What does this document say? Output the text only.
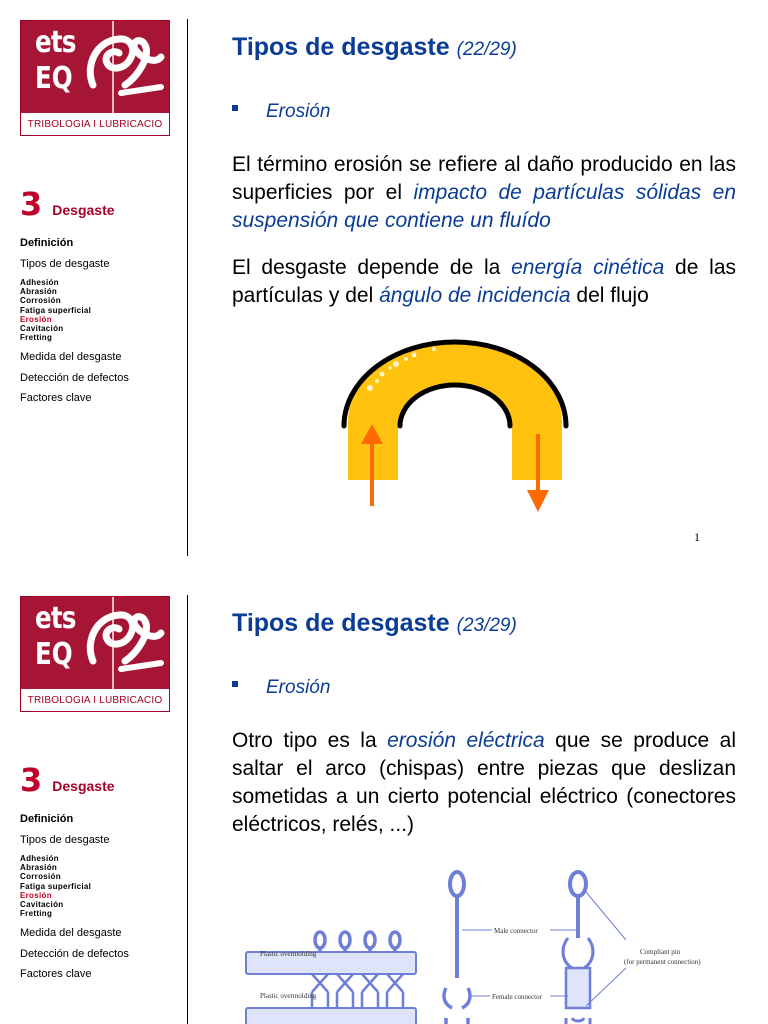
ets
EQ
TRIBOLOGIA I LUBRICACIO
3 Desgaste
Definición
Tipos de desgaste
Adhesión
Abrasión
Corrosión
Fatiga superficial
Erosión
Cavitación
Fretting
Medida del desgaste
Detección de defectos
Factores clave
Tipos de desgaste (22/29)
Erosión
El término erosión se refiere al daño producido en las superficies por el impacto de partículas sólidas en suspensión que contiene un fluído
El desgaste depende de la energía cinética de las partículas y del ángulo de incidencia del flujo
1
ets
EQ
TRIBOLOGIA I LUBRICACIO
3 Desgaste
Definición
Tipos de desgaste
Adhesión
Abrasión
Corrosión
Fatiga superficial
Erosión
Cavitación
Fretting
Medida del desgaste
Detección de defectos
Factores clave
Tipos de desgaste (23/29)
Erosión
Otro tipo es la erosión eléctrica que se produce al saltar el arco (chispas) entre piezas que deslizan sometidas a un cierto potencial eléctrico (conectores eléctricos, relés, ...)
Plastic overmolding
Plastic overmolding
Male connector
Female connector
Compliant pin
(for permanent connection)
